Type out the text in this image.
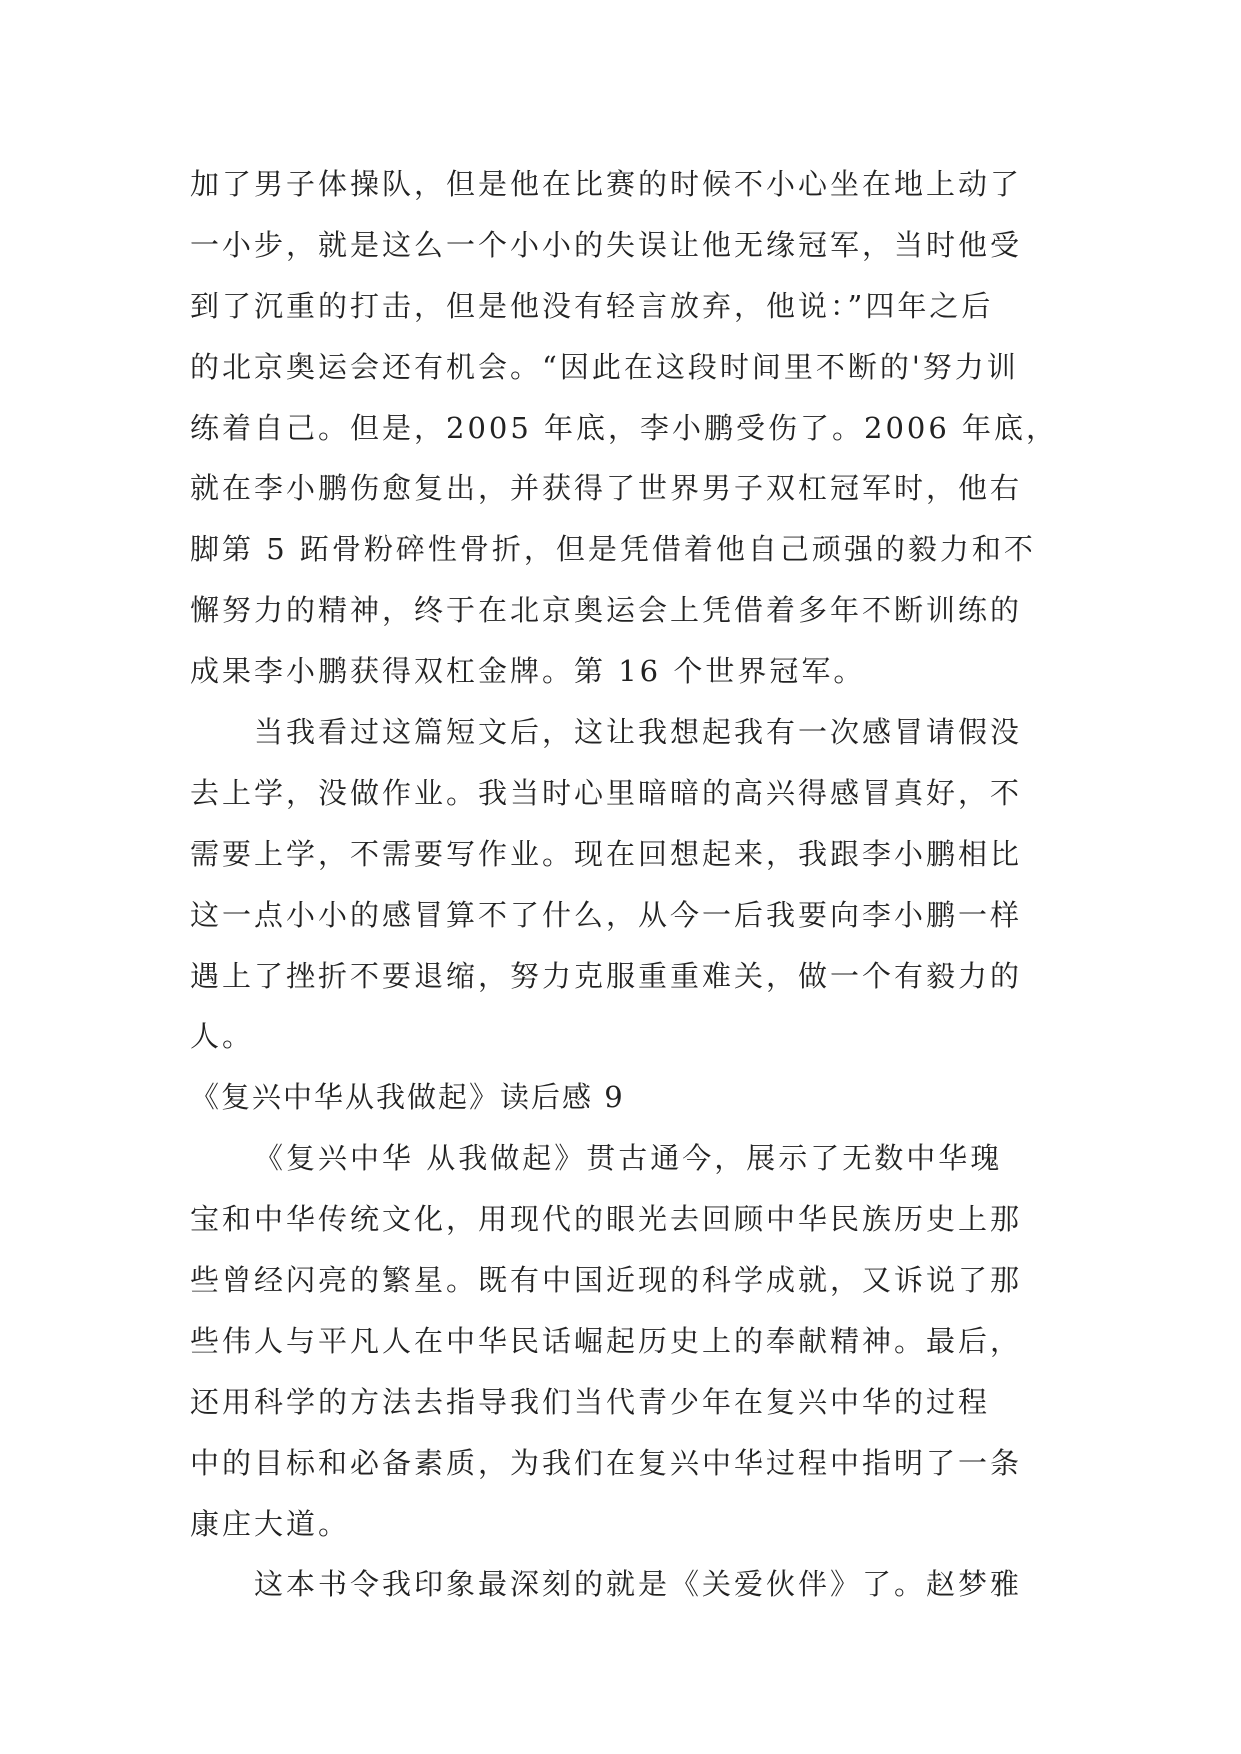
加了男子体操队，但是他在比赛的时候不小心坐在地上动了
一小步，就是这么一个小小的失误让他无缘冠军，当时他受
到了沉重的打击，但是他没有轻言放弃，他说：”四年之后
的北京奥运会还有机会。“因此在这段时间里不断的'努力训
练着自己。但是，2005 年底，李小鹏受伤了。2006 年底，
就在李小鹏伤愈复出，并获得了世界男子双杠冠军时，他右
脚第 5 跖骨粉碎性骨折，但是凭借着他自己顽强的毅力和不
懈努力的精神，终于在北京奥运会上凭借着多年不断训练的
成果李小鹏获得双杠金牌。第 16 个世界冠军。
当我看过这篇短文后，这让我想起我有一次感冒请假没
去上学，没做作业。我当时心里暗暗的高兴得感冒真好，不
需要上学，不需要写作业。现在回想起来，我跟李小鹏相比
这一点小小的感冒算不了什么，从今一后我要向李小鹏一样
遇上了挫折不要退缩，努力克服重重难关，做一个有毅力的
人。
《复兴中华从我做起》读后感 9
《复兴中华 从我做起》贯古通今，展示了无数中华瑰
宝和中华传统文化，用现代的眼光去回顾中华民族历史上那
些曾经闪亮的繁星。既有中国近现的科学成就，又诉说了那
些伟人与平凡人在中华民话崛起历史上的奉献精神。最后，
还用科学的方法去指导我们当代青少年在复兴中华的过程
中的目标和必备素质，为我们在复兴中华过程中指明了一条
康庄大道。
这本书令我印象最深刻的就是《关爱伙伴》了。赵梦雅
